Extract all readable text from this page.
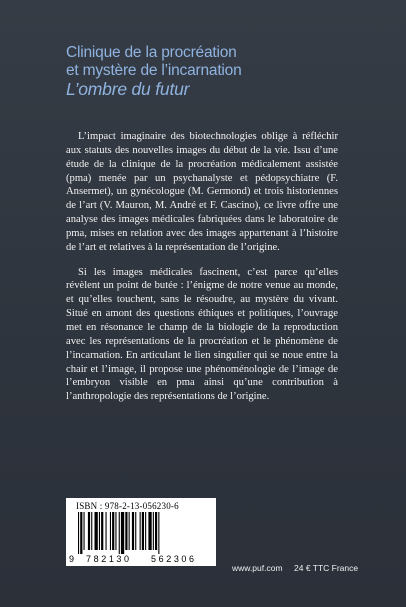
Clinique de la procréation
et mystère de l’incarnation
L’ombre du futur

L’impact imaginaire des biotechnologies oblige à réfléchir aux statuts des nouvelles images du début de la vie. Issu d’une étude de la clinique de la procréation médicalement assistée (pma) menée par un psychanalyste et pédopsychiatre (F. Ansermet), un gynécologue (M. Germond) et trois historiennes de l’art (V. Mauron, M. André et F. Cascino), ce livre offre une analyse des images médicales fabriquées dans le laboratoire de pma, mises en relation avec des images appartenant à l’histoire de l’art et relatives à la représentation de l’origine.

Si les images médicales fascinent, c’est parce qu’elles révèlent un point de butée : l’énigme de notre venue au monde, et qu’elles touchent, sans le résoudre, au mystère du vivant. Situé en amont des questions éthiques et politiques, l’ouvrage met en résonance le champ de la biologie de la reproduction avec les représentations de la procréation et le phénomène de l’incarnation. En articulant le lien singulier qui se noue entre la chair et l’image, il propose une phénoménologie de l’image de l’embryon visible en pma ainsi qu’une contribution à l’anthropologie des représentations de l’origine.

ISBN : 978-2-13-056230-6
9 782130 562306
www.puf.com 24 € TTC France
